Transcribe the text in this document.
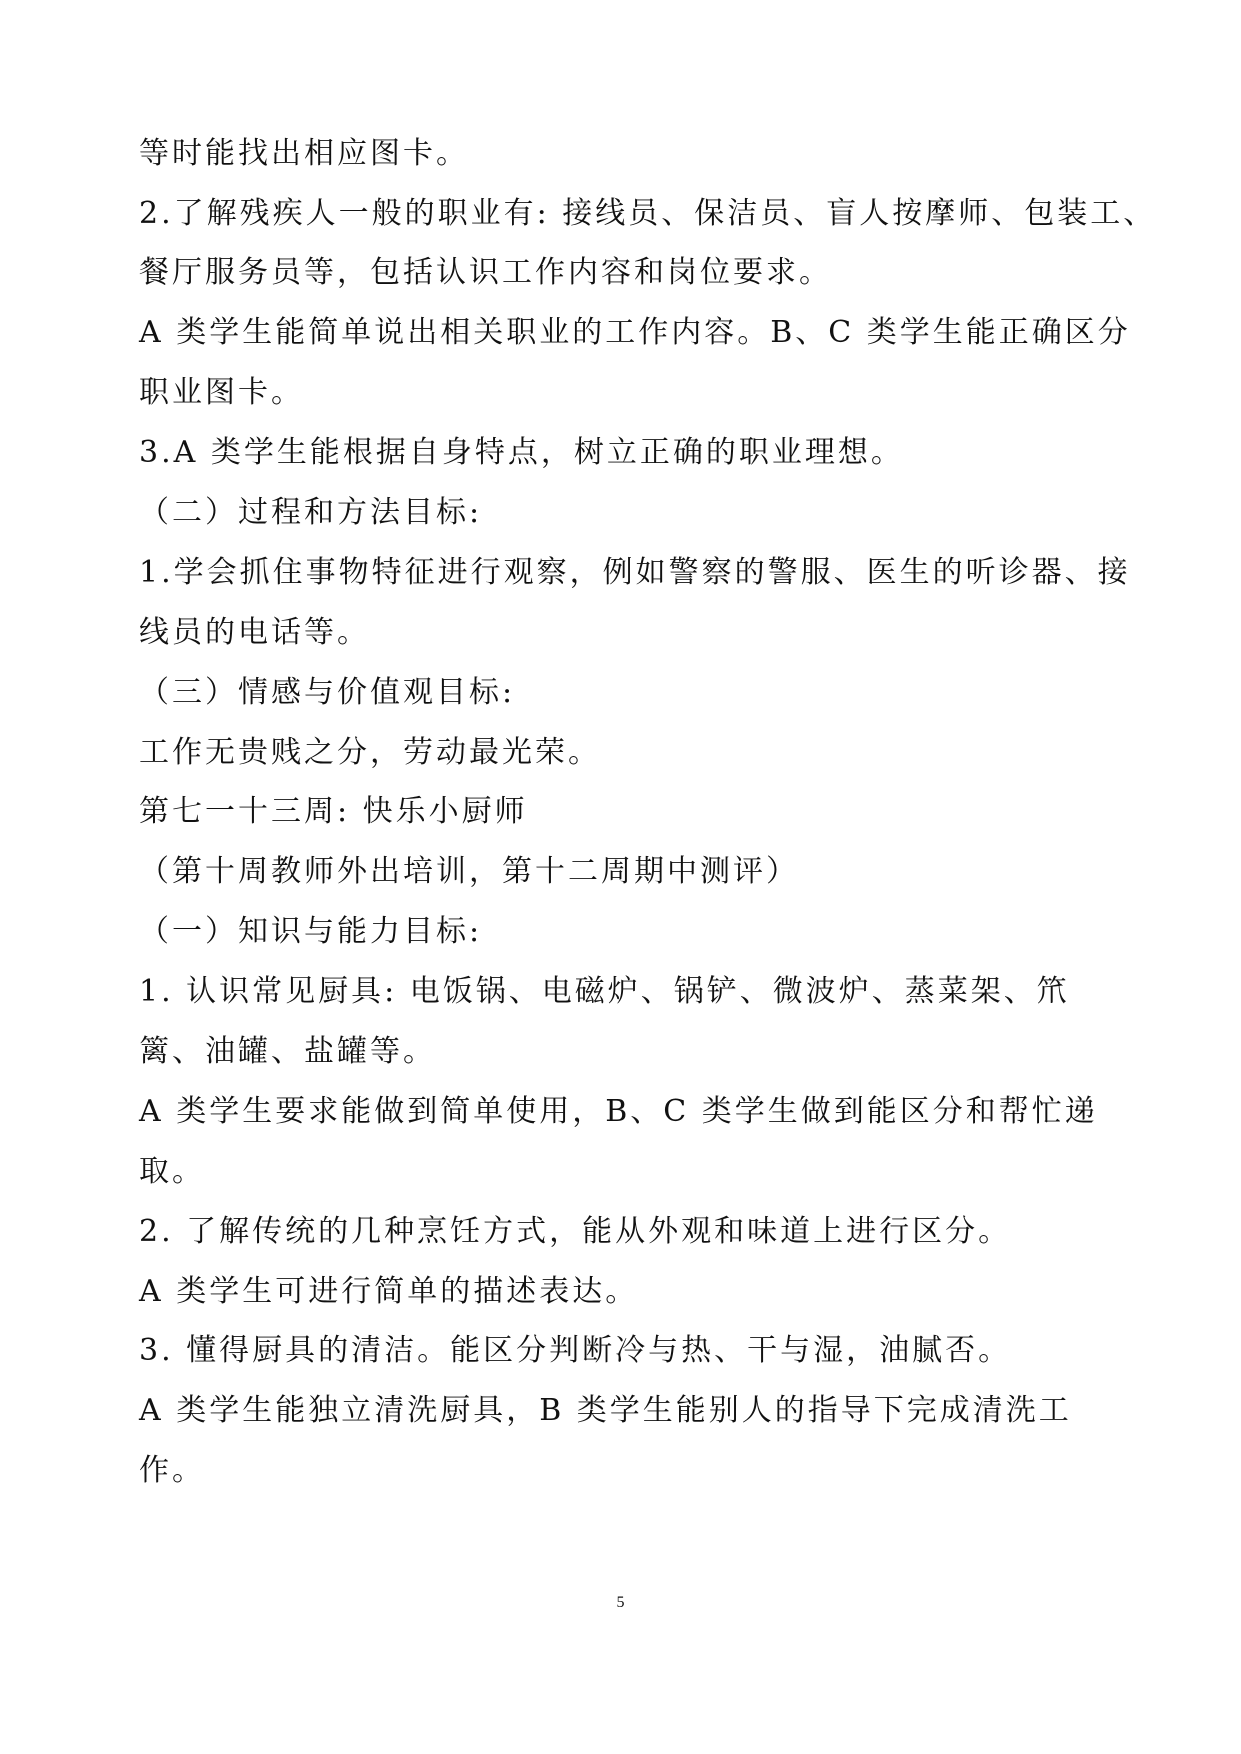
等时能找出相应图卡。
2.了解残疾人一般的职业有: 接线员、保洁员、盲人按摩师、包装工、
餐厅服务员等，包括认识工作内容和岗位要求。
A 类学生能简单说出相关职业的工作内容。B、C 类学生能正确区分
职业图卡。
3.A 类学生能根据自身特点，树立正确的职业理想。
（二）过程和方法目标:
1.学会抓住事物特征进行观察，例如警察的警服、医生的听诊器、接
线员的电话等。
（三）情感与价值观目标:
工作无贵贱之分，劳动最光荣。
第七一十三周: 快乐小厨师
（第十周教师外出培训，第十二周期中测评）
（一）知识与能力目标:
1. 认识常见厨具: 电饭锅、电磁炉、锅铲、微波炉、蒸菜架、笊
篱、油罐、盐罐等。
A 类学生要求能做到简单使用，B、C 类学生做到能区分和帮忙递
取。
2. 了解传统的几种烹饪方式，能从外观和味道上进行区分。
A 类学生可进行简单的描述表达。
3. 懂得厨具的清洁。能区分判断冷与热、干与湿，油腻否。
A 类学生能独立清洗厨具，B 类学生能别人的指导下完成清洗工
作。
5
